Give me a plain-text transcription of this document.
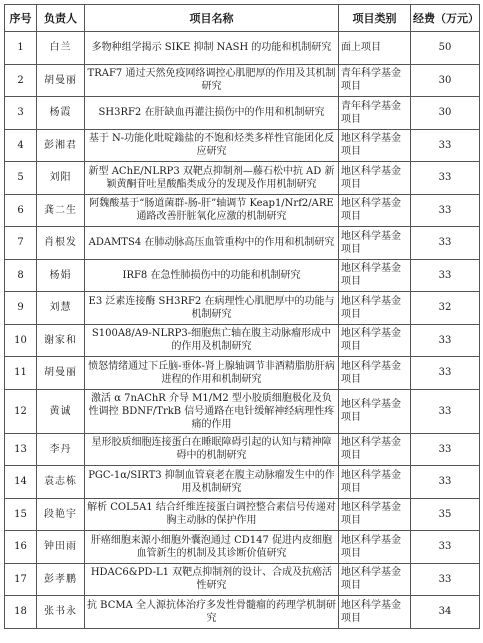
序号	负责人	项目名称	项目类别	经费（万元）
1	白兰	多物种组学揭示 SIKE 抑制 NASH 的功能和机制研究	面上项目	50
2	胡曼丽	TRAF7 通过天然免疫网络调控心肌肥厚的作用及其机制研究	青年科学基金项目	30
3	杨霞	SH3RF2 在肝缺血再灌注损伤中的作用和机制研究	青年科学基金项目	30
4	彭湘君	基于 N-功能化吡啶鎓盐的不饱和烃类多样性官能团化反应研究	地区科学基金项目	33
5	刘阳	新型 AChE/NLRP3 双靶点抑制剂—藤石松中抗 AD 新颖黄酮苷吐星酸酯类成分的发现及作用机制研究	地区科学基金项目	33
6	龚二生	阿魏酸基于“肠道菌群-肠-肝”轴调节 Keap1/Nrf2/ARE 通路改善肝脏氧化应激的机制研究	地区科学基金项目	33
7	肖根发	ADAMTS4 在肺动脉高压血管重构中的作用和机制研究	地区科学基金项目	33
8	杨娟	IRF8 在急性肺损伤中的功能和机制研究	地区科学基金项目	33
9	刘慧	E3 泛素连接酶 SH3RF2 在病理性心肌肥厚中的功能与机制研究	地区科学基金项目	32
10	谢家和	S100A8/A9-NLRP3-细胞焦亡轴在腹主动脉瘤形成中的作用及机制研究	地区科学基金项目	33
11	胡曼丽	愤怒情绪通过下丘脑-垂体-肾上腺轴调节非酒精脂肪肝病进程的作用和机制研究	地区科学基金项目	33
12	黄诚	激活 α 7nAChR 介导 M1/M2 型小胶质细胞极化及负性调控 BDNF/TrkB 信号通路在电针缓解神经病理性疼痛的作用	地区科学基金项目	33
13	李丹	星形胶质细胞连接蛋白在睡眠障碍引起的认知与精神障碍中的机制研究	地区科学基金项目	33
14	袁志栋	PGC-1α/SIRT3 抑制血管衰老在腹主动脉瘤发生中的作用及机制研究	地区科学基金项目	33
15	段艳宇	解析 COL5A1 结合纤维连接蛋白调控整合素信号传递对胸主动脉的保护作用	地区科学基金项目	35
16	钟田雨	肝癌细胞来源小细胞外囊泡通过 CD147 促进内皮细胞血管新生的机制及其诊断价值研究	地区科学基金项目	33
17	彭孝鹏	HDAC6&PD-L1 双靶点抑制剂的设计、合成及抗癌活性研究	地区科学基金项目	33
18	张书永	抗 BCMA 全人源抗体治疗多发性骨髓瘤的药理学机制研究	地区科学基金项目	34
